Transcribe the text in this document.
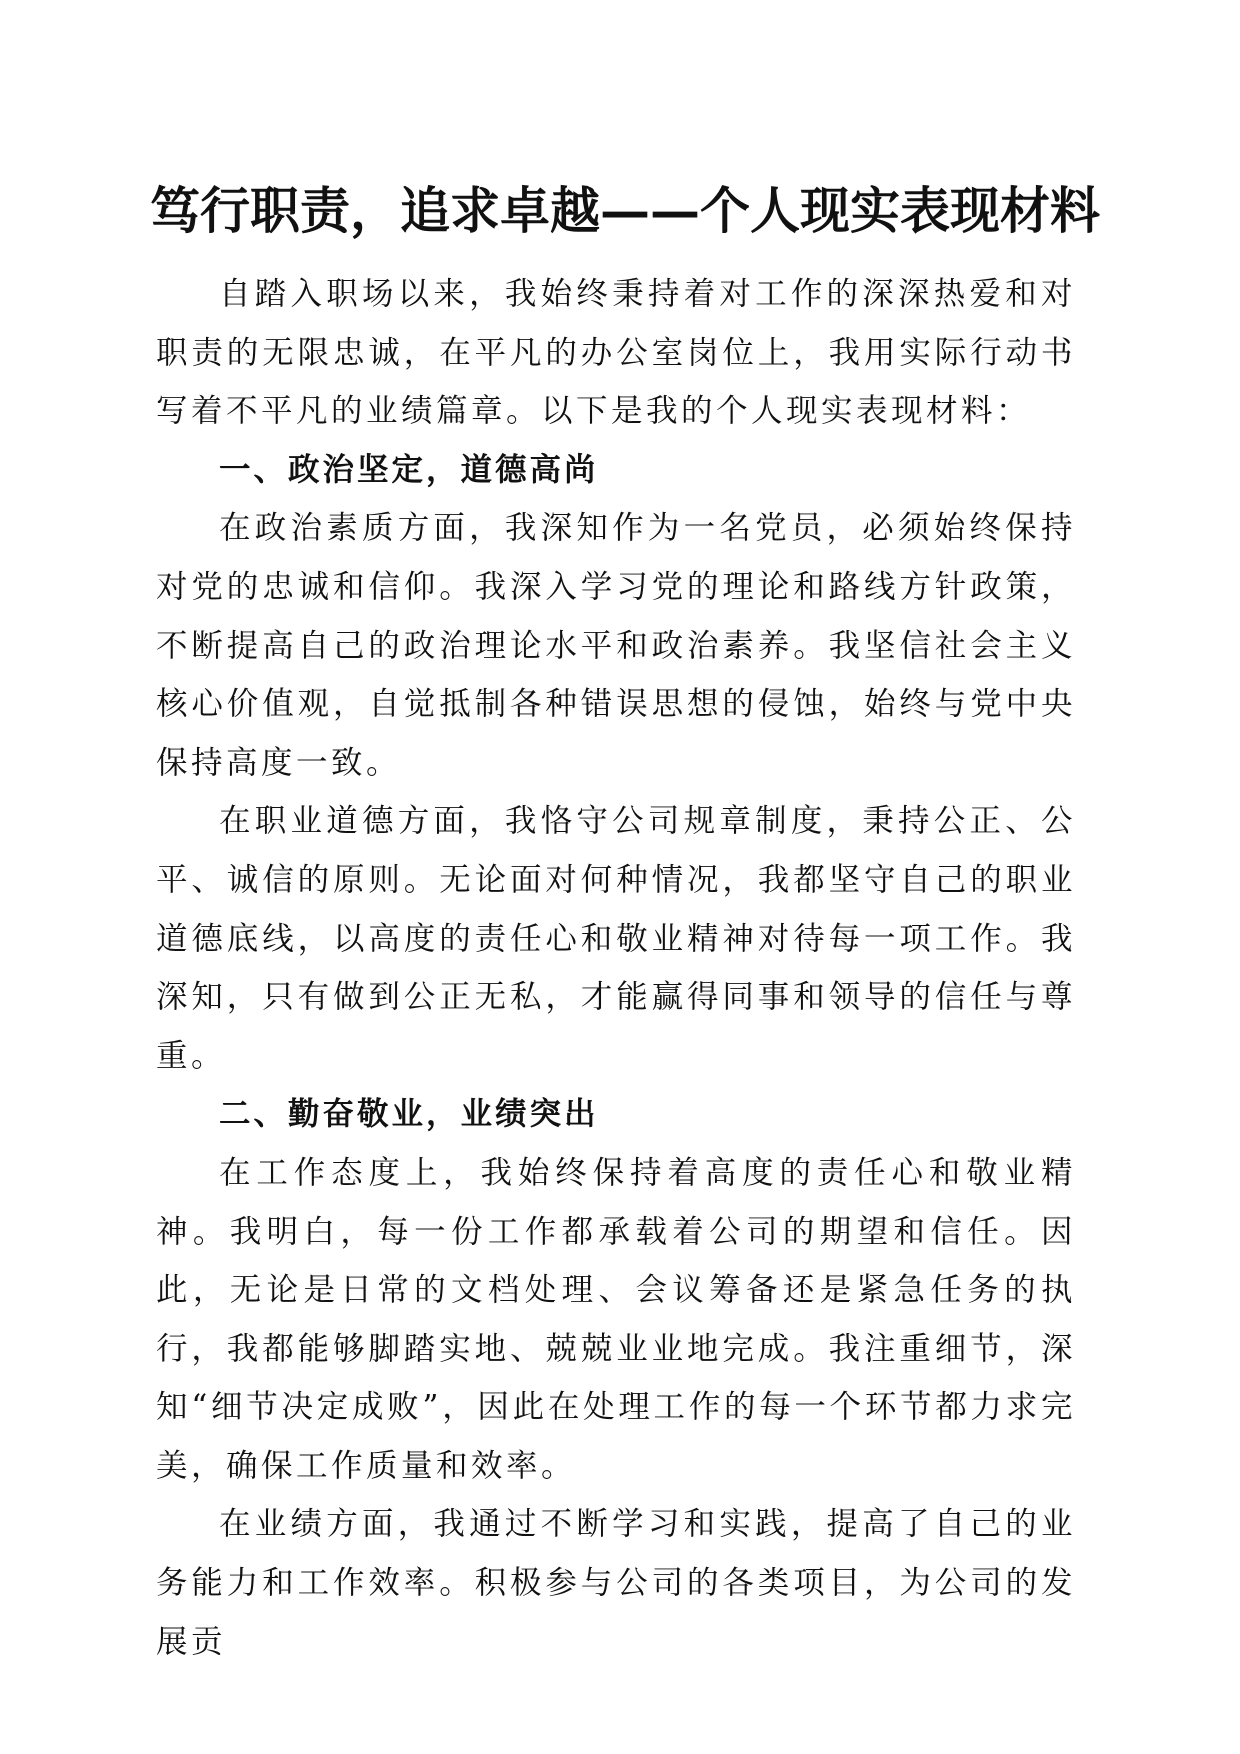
笃行职责，追求卓越——个人现实表现材料

自踏入职场以来，我始终秉持着对工作的深深热爱和对职责的无限忠诚，在平凡的办公室岗位上，我用实际行动书写着不平凡的业绩篇章。以下是我的个人现实表现材料：

一、政治坚定，道德高尚

在政治素质方面，我深知作为一名党员，必须始终保持对党的忠诚和信仰。我深入学习党的理论和路线方针政策，不断提高自己的政治理论水平和政治素养。我坚信社会主义核心价值观，自觉抵制各种错误思想的侵蚀，始终与党中央保持高度一致。

在职业道德方面，我恪守公司规章制度，秉持公正、公平、诚信的原则。无论面对何种情况，我都坚守自己的职业道德底线，以高度的责任心和敬业精神对待每一项工作。我深知，只有做到公正无私，才能赢得同事和领导的信任与尊重。

二、勤奋敬业，业绩突出

在工作态度上，我始终保持着高度的责任心和敬业精神。我明白，每一份工作都承载着公司的期望和信任。因此，无论是日常的文档处理、会议筹备还是紧急任务的执行，我都能够脚踏实地、兢兢业业地完成。我注重细节，深知“细节决定成败”，因此在处理工作的每一个环节都力求完美，确保工作质量和效率。

在业绩方面，我通过不断学习和实践，提高了自己的业务能力和工作效率。积极参与公司的各类项目，为公司的发展贡
